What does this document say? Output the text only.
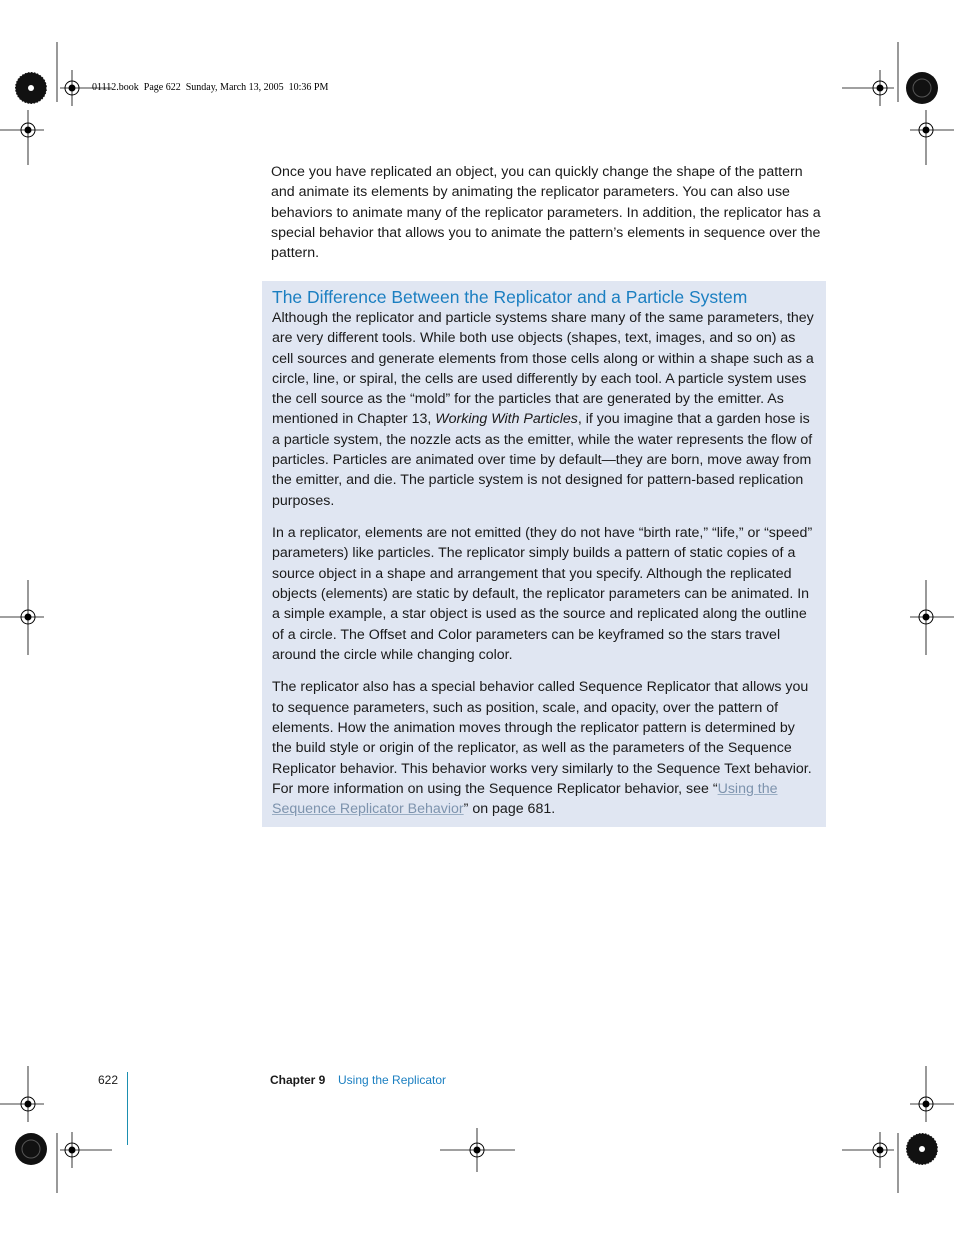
01112.book  Page 622  Sunday, March 13, 2005  10:36 PM

Once you have replicated an object, you can quickly change the shape of the pattern and animate its elements by animating the replicator parameters. You can also use behaviors to animate many of the replicator parameters. In addition, the replicator has a special behavior that allows you to animate the pattern’s elements in sequence over the pattern.

The Difference Between the Replicator and a Particle System

Although the replicator and particle systems share many of the same parameters, they are very different tools. While both use objects (shapes, text, images, and so on) as cell sources and generate elements from those cells along or within a shape such as a circle, line, or spiral, the cells are used differently by each tool. A particle system uses the cell source as the “mold” for the particles that are generated by the emitter. As mentioned in Chapter 13, Working With Particles, if you imagine that a garden hose is a particle system, the nozzle acts as the emitter, while the water represents the flow of particles. Particles are animated over time by default—they are born, move away from the emitter, and die. The particle system is not designed for pattern-based replication purposes.

In a replicator, elements are not emitted (they do not have “birth rate,” “life,” or “speed” parameters) like particles. The replicator simply builds a pattern of static copies of a source object in a shape and arrangement that you specify. Although the replicated objects (elements) are static by default, the replicator parameters can be animated. In a simple example, a star object is used as the source and replicated along the outline of a circle. The Offset and Color parameters can be keyframed so the stars travel around the circle while changing color.

The replicator also has a special behavior called Sequence Replicator that allows you to sequence parameters, such as position, scale, and opacity, over the pattern of elements. How the animation moves through the replicator pattern is determined by the build style or origin of the replicator, as well as the parameters of the Sequence Replicator behavior. This behavior works very similarly to the Sequence Text behavior. For more information on using the Sequence Replicator behavior, see “Using the Sequence Replicator Behavior” on page 681.

622	Chapter 9 Using the Replicator
